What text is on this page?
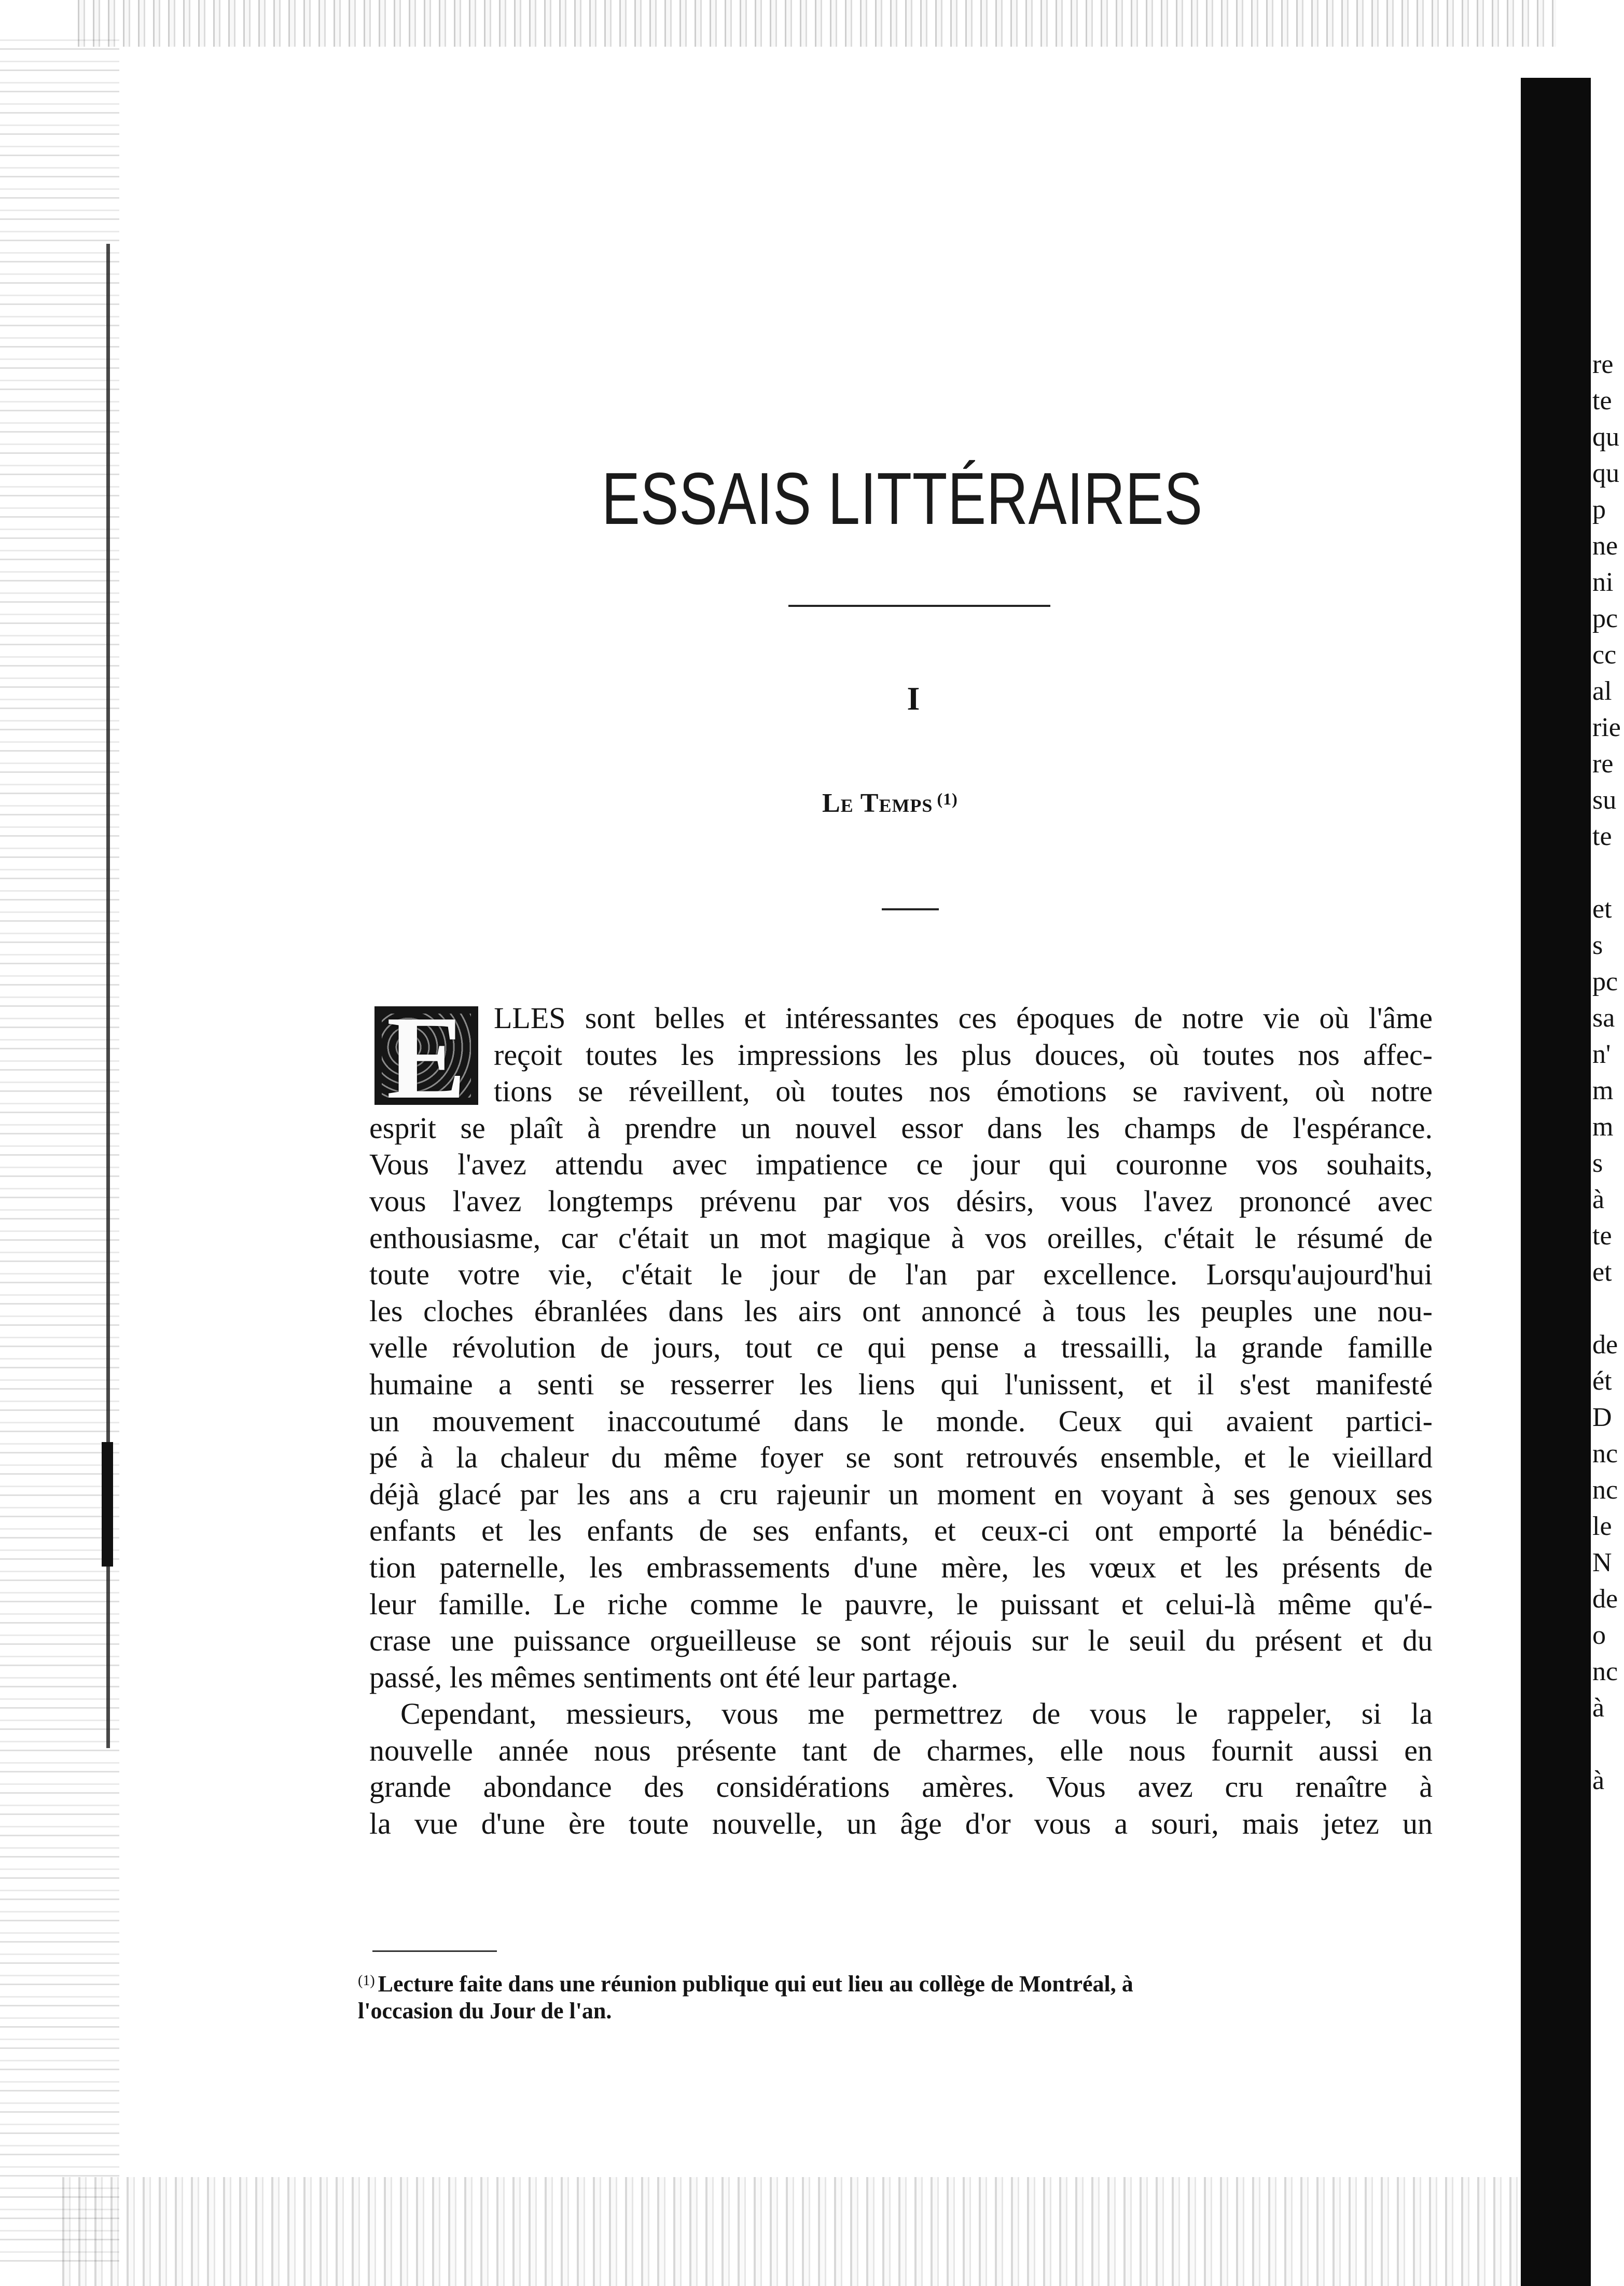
re
te
qu
qu
p
ne
ni
pc
cc
al
rie
re
su
te

et
s
pc
sa
n'
m
m
s
à
te
et

de
ét
D
nc
nc
le
N
de
o
nc
à

à
ESSAIS LITTÉRAIRES
I
Le Temps $^{(1)}$
E LLES sont belles et intéressantes ces époques de notre vie où l'âme
reçoit toutes les impressions les plus douces, où toutes nos affec-
tions se réveillent, où toutes nos émotions se ravivent, où notre
esprit se plaît à prendre un nouvel essor dans les champs de l'espérance.
Vous l'avez attendu avec impatience ce jour qui couronne vos souhaits,
vous l'avez longtemps prévenu par vos désirs, vous l'avez prononcé avec
enthousiasme, car c'était un mot magique à vos oreilles, c'était le résumé de
toute votre vie, c'était le jour de l'an par excellence. Lorsqu'aujourd'hui
les cloches ébranlées dans les airs ont annoncé à tous les peuples une nou-
velle révolution de jours, tout ce qui pense a tressailli, la grande famille
humaine a senti se resserrer les liens qui l'unissent, et il s'est manifesté
un mouvement inaccoutumé dans le monde. Ceux qui avaient partici-
pé à la chaleur du même foyer se sont retrouvés ensemble, et le vieillard
déjà glacé par les ans a cru rajeunir un moment en voyant à ses genoux ses
enfants et les enfants de ses enfants, et ceux-ci ont emporté la bénédic-
tion paternelle, les embrassements d'une mère, les vœux et les présents de
leur famille. Le riche comme le pauvre, le puissant et celui-là même qu'é-
crase une puissance orgueilleuse se sont réjouis sur le seuil du présent et du
passé, les mêmes sentiments ont été leur partage.

Cependant, messieurs, vous me permettrez de vous le rappeler, si la
nouvelle année nous présente tant de charmes, elle nous fournit aussi en
grande abondance des considérations amères. Vous avez cru renaître à
la vue d'une ère toute nouvelle, un âge d'or vous a souri, mais jetez un

$^{(1)}$ Lecture faite dans une réunion publique qui eut lieu au collège de Montréal, à
l'occasion du Jour de l'an.
